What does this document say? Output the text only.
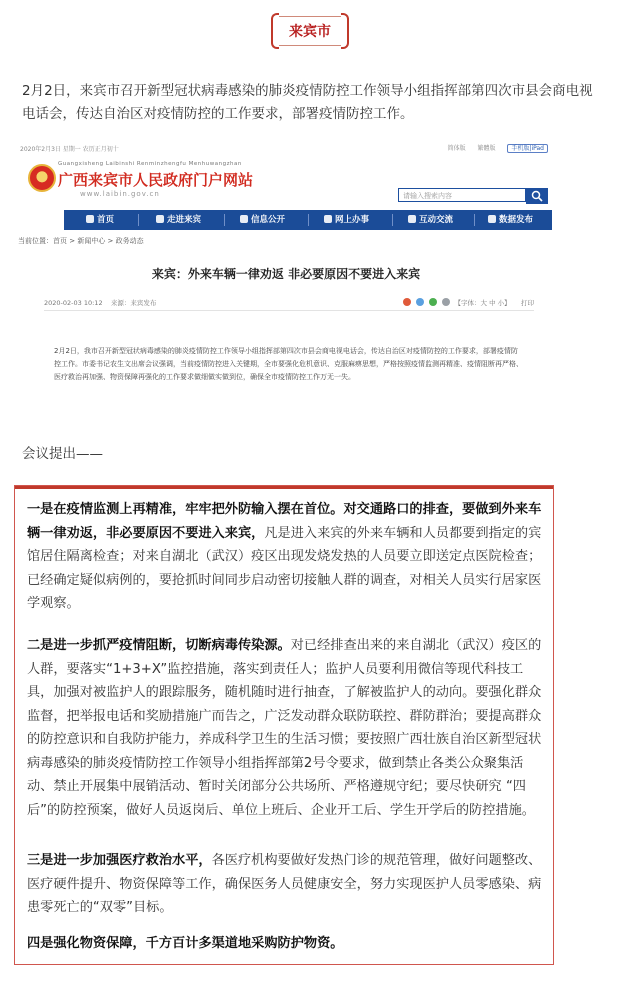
来宾市
2月2日，来宾市召开新型冠状病毒感染的肺炎疫情防控工作领导小组指挥部第四次市县会商电视电话会，传达自治区对疫情防控的工作要求，部署疫情防控工作。
2020年2月3日 星期一 农历正月初十	简体版 繁體版	手机版|iPad
Guangxisheng Laibinshi Renminzhengfu Menhuwangzhan
广西来宾市人民政府门户网站
www.laibin.gov.cn	请输入搜索内容
首页	走进来宾	信息公开	网上办事	互动交流	数据发布
当前位置：首页 > 新闻中心 > 政务动态
来宾：外来车辆一律劝返 非必要原因不要进入来宾
2020-02-03 10:12 来源：来宾发布	【字体：大 中 小】 打印
2月2日，我市召开新型冠状病毒感染的肺炎疫情防控工作领导小组指挥部第四次市县会商电视电话会，传达自治区对疫情防控的工作要求，部署疫情防控工作。市委书记农生文出席会议强调，当前疫情防控进入关键期，全市要强化危机意识、克服麻痹思想，严格按照疫情监测再精准、疫情阻断再严格、医疗救治再加强、物资保障再强化的工作要求做细做实做到位，确保全市疫情防控工作万无一失。
会议提出——

一是在疫情监测上再精准，牢牢把外防输入摆在首位。对交通路口的排查，要做到外来车辆一律劝返，非必要原因不要进入来宾，凡是进入来宾的外来车辆和人员都要到指定的宾馆居住隔离检查；对来自湖北（武汉）疫区出现发烧发热的人员要立即送定点医院检查；已经确定疑似病例的，要抢抓时间同步启动密切接触人群的调查，对相关人员实行居家医学观察。

二是进一步抓严疫情阻断，切断病毒传染源。对已经排查出来的来自湖北（武汉）疫区的人群，要落实“1+3+X”监控措施，落实到责任人；监护人员要利用微信等现代科技工具，加强对被监护人的跟踪服务，随机随时进行抽查，了解被监护人的动向。要强化群众监督，把举报电话和奖励措施广而告之，广泛发动群众联防联控、群防群治；要提高群众的防控意识和自我防护能力，养成科学卫生的生活习惯；要按照广西壮族自治区新型冠状病毒感染的肺炎疫情防控工作领导小组指挥部第2号令要求，做到禁止各类公众聚集活动、禁止开展集中展销活动、暂时关闭部分公共场所、严格遵规守纪；要尽快研究 “四后”的防控预案，做好人员返岗后、单位上班后、企业开工后、学生开学后的防控措施。

三是进一步加强医疗救治水平，各医疗机构要做好发热门诊的规范管理，做好问题整改、医疗硬件提升、物资保障等工作，确保医务人员健康安全，努力实现医护人员零感染、病患零死亡的“双零”目标。

四是强化物资保障，千方百计多渠道地采购防护物资。
